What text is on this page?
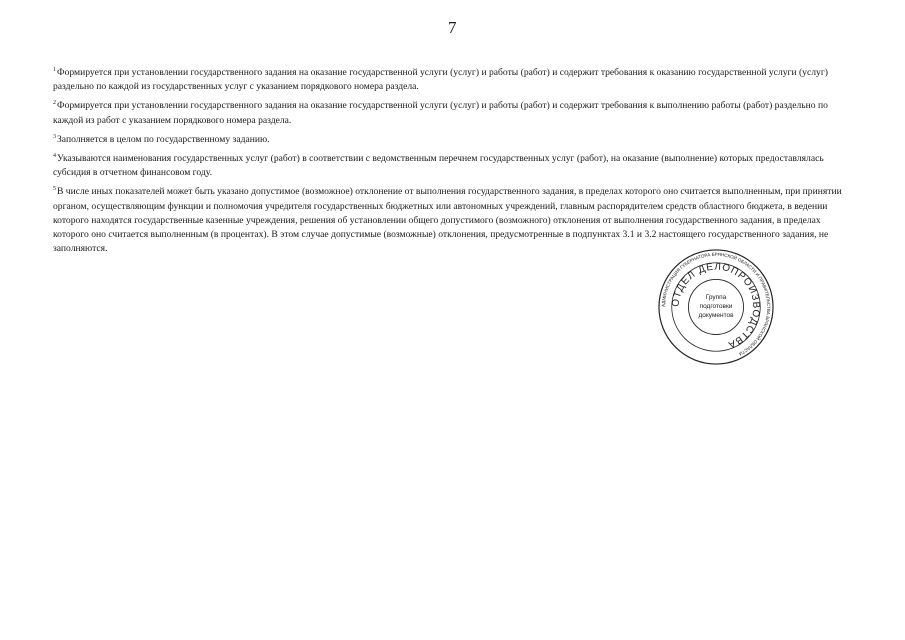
7

$^1$Формируется при установлении государственного задания на оказание государственной услуги (услуг) и работы (работ) и содержит требования к оказанию государственной услуги (услуг) раздельно по каждой из государственных услуг с указанием порядкового номера раздела.

$^2$Формируется при установлении государственного задания на оказание государственной услуги (услуг) и работы (работ) и содержит требования к выполнению работы (работ) раздельно по каждой из работ с указанием порядкового номера раздела.

$^3$Заполняется в целом по государственному заданию.

$^4$Указываются наименования государственных услуг (работ) в соответствии с ведомственным перечнем государственных услуг (работ), на оказание (выполнение) которых предоставлялась субсидия в отчетном финансовом году.

$^5$В числе иных показателей может быть указано допустимое (возможное) отклонение от выполнения государственного задания, в пределах которого оно считается выполненным, при принятии органом, осуществляющим функции и полномочия учредителя государственных бюджетных или автономных учреждений, главным распорядителем средств областного бюджета, в ведении которого находятся государственные казенные учреждения, решения об установлении общего допустимого (возможного) отклонения от выполнения государственного задания, в пределах которого оно считается выполненным (в процентах). В этом случае допустимые (возможные) отклонения, предусмотренные в подпунктах 3.1 и 3.2 настоящего государственного задания, не заполняются.

АДМИНИСТРАЦИЯ ГУБЕРНАТОРА БРЯНСКОЙ ОБЛАСТИ И ПРАВИТЕЛЬСТВА БРЯНСКОЙ ОБЛАСТИ
ОТДЕЛ ДЕЛОПРОИЗВОДСТВА
Группа
подготовки
документов
